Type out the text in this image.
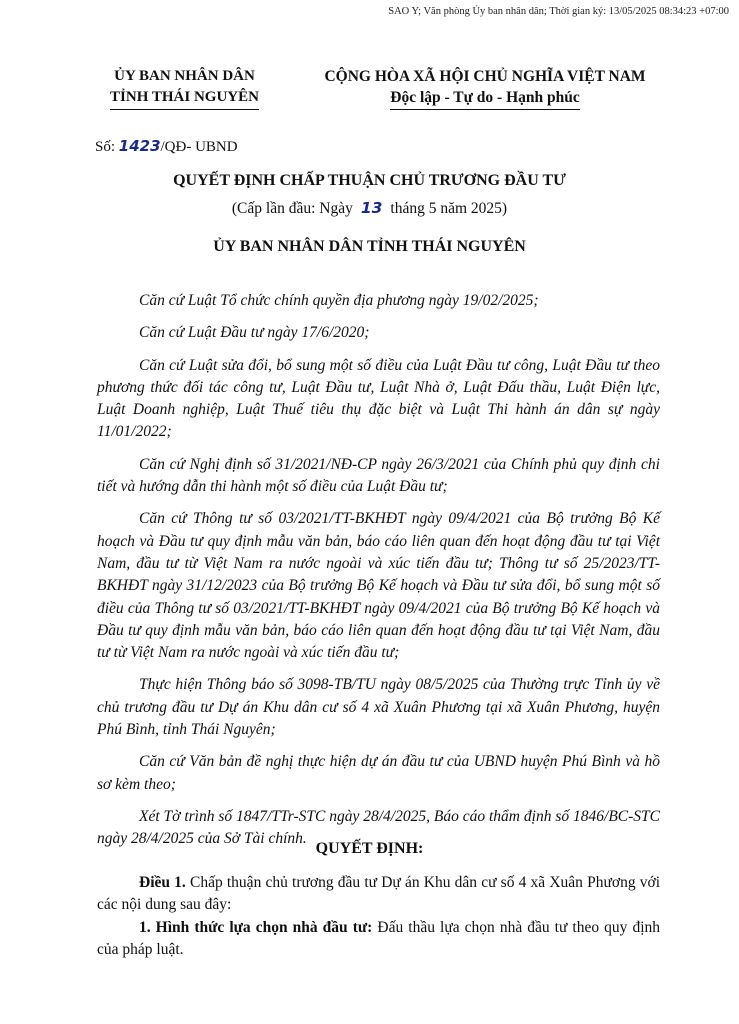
SAO Y; Văn phòng Ủy ban nhân dân; Thời gian ký: 13/05/2025 08:34:23 +07:00
ỦY BAN NHÂN DÂN
TỈNH THÁI NGUYÊN
CỘNG HÒA XÃ HỘI CHỦ NGHĨA VIỆT NAM
Độc lập - Tự do - Hạnh phúc
Số: 1423/QĐ- UBND
QUYẾT ĐỊNH CHẤP THUẬN CHỦ TRƯƠNG ĐẦU TƯ
(Cấp lần đầu: Ngày 13 tháng 5 năm 2025)
ỦY BAN NHÂN DÂN TỈNH THÁI NGUYÊN

Căn cứ Luật Tổ chức chính quyền địa phương ngày 19/02/2025;

Căn cứ Luật Đầu tư ngày 17/6/2020;

Căn cứ Luật sửa đổi, bổ sung một số điều của Luật Đầu tư công, Luật Đầu tư theo phương thức đối tác công tư, Luật Đầu tư, Luật Nhà ở, Luật Đấu thầu, Luật Điện lực, Luật Doanh nghiệp, Luật Thuế tiêu thụ đặc biệt và Luật Thi hành án dân sự ngày 11/01/2022;

Căn cứ Nghị định số 31/2021/NĐ-CP ngày 26/3/2021 của Chính phủ quy định chi tiết và hướng dẫn thi hành một số điều của Luật Đầu tư;

Căn cứ Thông tư số 03/2021/TT-BKHĐT ngày 09/4/2021 của Bộ trưởng Bộ Kế hoạch và Đầu tư quy định mẫu văn bản, báo cáo liên quan đến hoạt động đầu tư tại Việt Nam, đầu tư từ Việt Nam ra nước ngoài và xúc tiến đầu tư; Thông tư số 25/2023/TT-BKHĐT ngày 31/12/2023 của Bộ trưởng Bộ Kế hoạch và Đầu tư sửa đổi, bổ sung một số điều của Thông tư số 03/2021/TT-BKHĐT ngày 09/4/2021 của Bộ trưởng Bộ Kế hoạch và Đầu tư quy định mẫu văn bản, báo cáo liên quan đến hoạt động đầu tư tại Việt Nam, đầu tư từ Việt Nam ra nước ngoài và xúc tiến đầu tư;

Thực hiện Thông báo số 3098-TB/TU ngày 08/5/2025 của Thường trực Tỉnh ủy về chủ trương đầu tư Dự án Khu dân cư số 4 xã Xuân Phương tại xã Xuân Phương, huyện Phú Bình, tỉnh Thái Nguyên;

Căn cứ Văn bản đề nghị thực hiện dự án đầu tư của UBND huyện Phú Bình và hồ sơ kèm theo;

Xét Tờ trình số 1847/TTr-STC ngày 28/4/2025, Báo cáo thẩm định số 1846/BC-STC ngày 28/4/2025 của Sở Tài chính.

QUYẾT ĐỊNH:

Điều 1. Chấp thuận chủ trương đầu tư Dự án Khu dân cư số 4 xã Xuân Phương với các nội dung sau đây:

1. Hình thức lựa chọn nhà đầu tư: Đấu thầu lựa chọn nhà đầu tư theo quy định của pháp luật.
